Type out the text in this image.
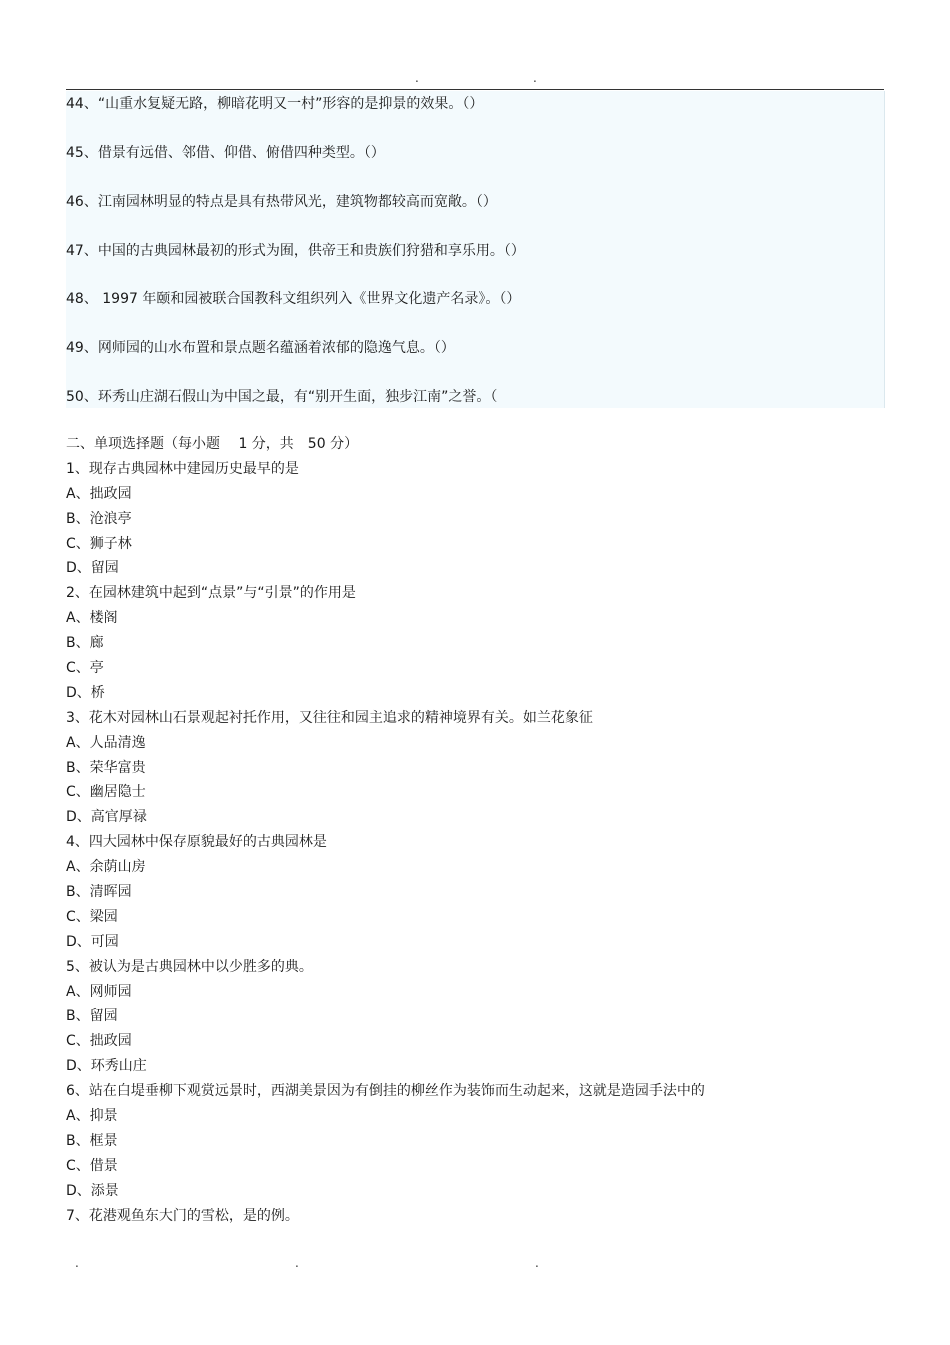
.	.
44、“山重水复疑无路，柳暗花明又一村”形容的是抑景的效果。（）
45、借景有远借、邻借、仰借、俯借四种类型。（）
46、江南园林明显的特点是具有热带风光，建筑物都较高而宽敞。（）
47、中国的古典园林最初的形式为囿，供帝王和贵族们狩猎和享乐用。（）
48、 1997 年颐和园被联合国教科文组织列入《世界文化遗产名录》。（）
49、网师园的山水布置和景点题名蕴涵着浓郁的隐逸气息。（）
50、环秀山庄湖石假山为中国之最，有“别开生面，独步江南”之誉。（
二、单项选择题（每小题　 1 分，共　50 分）
1、现存古典园林中建园历史最早的是
A、拙政园
B、沧浪亭
C、狮子林
D、留园
2、在园林建筑中起到“点景”与“引景”的作用是
A、楼阁
B、廊
C、亭
D、桥
3、花木对园林山石景观起衬托作用，又往往和园主追求的精神境界有关。如兰花象征
A、人品清逸
B、荣华富贵
C、幽居隐士
D、高官厚禄
4、四大园林中保存原貌最好的古典园林是
A、余荫山房
B、清晖园
C、梁园
D、可园
5、被认为是古典园林中以少胜多的典。
A、网师园
B、留园
C、拙政园
D、环秀山庄
6、站在白堤垂柳下观赏远景时，西湖美景因为有倒挂的柳丝作为装饰而生动起来，这就是造园手法中的
A、抑景
B、框景
C、借景
D、添景
7、花港观鱼东大门的雪松，是的例。
.	.	.
